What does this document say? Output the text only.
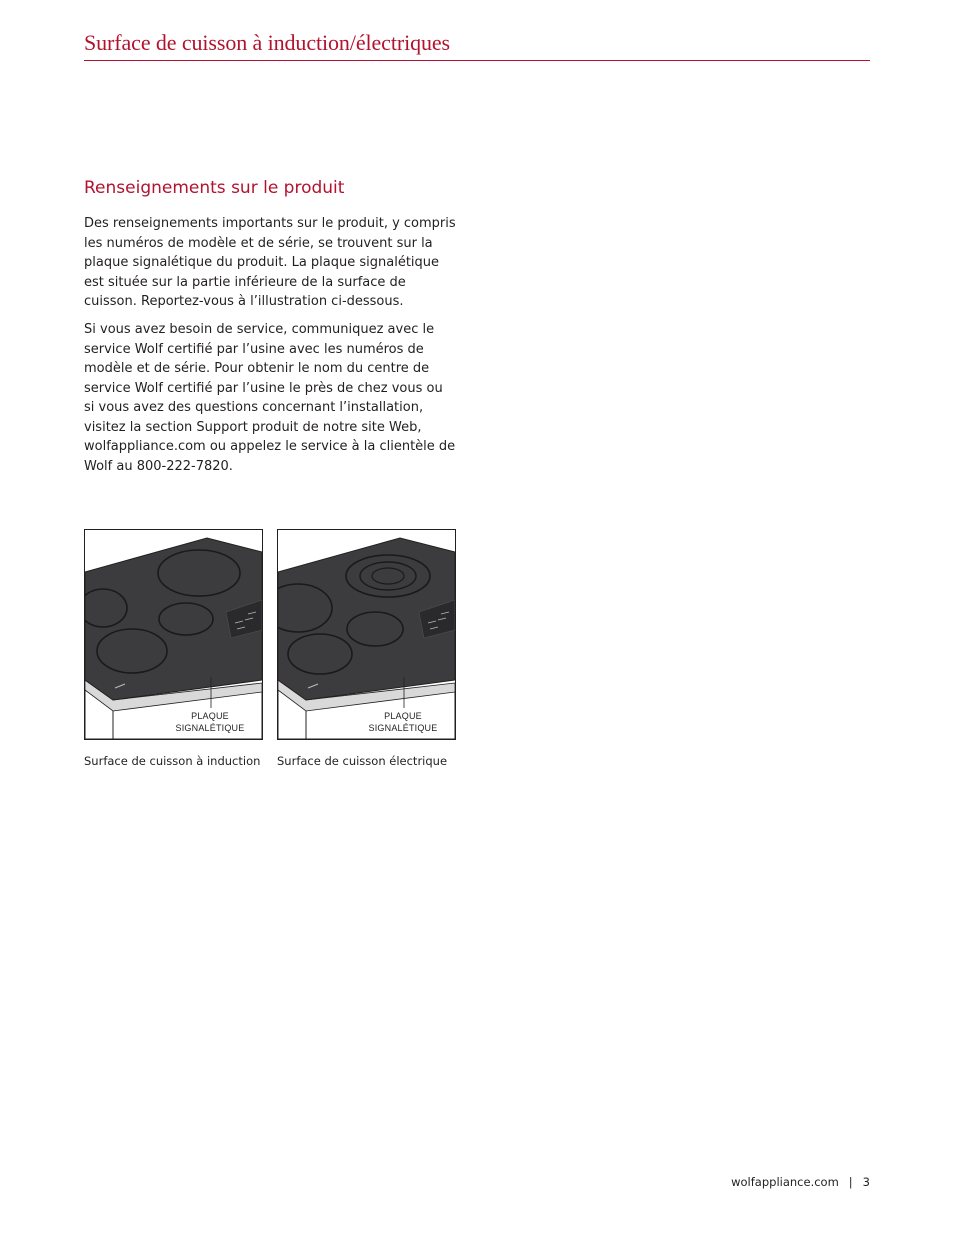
Surface de cuisson à induction/électriques
Renseignements sur le produit

Des renseignements importants sur le produit, y compris les numéros de modèle et de série, se trouvent sur la plaque signalétique du produit. La plaque signalétique est située sur la partie inférieure de la surface de cuisson. Reportez-vous à l’illustration ci-dessous.

Si vous avez besoin de service, communiquez avec le service Wolf certifié par l’usine avec les numéros de modèle et de série. Pour obtenir le nom du centre de service Wolf certifié par l’usine le près de chez vous ou si vous avez des questions concernant l’installation, visitez la section Support produit de notre site Web, wolfappliance.com ou appelez le service à la clientèle de Wolf au 800-222-7820.

PLAQUE
SIGNALÉTIQUE
PLAQUE
SIGNALÉTIQUE

Surface de cuisson à induction Surface de cuisson électrique

wolfappliance.com | 3
